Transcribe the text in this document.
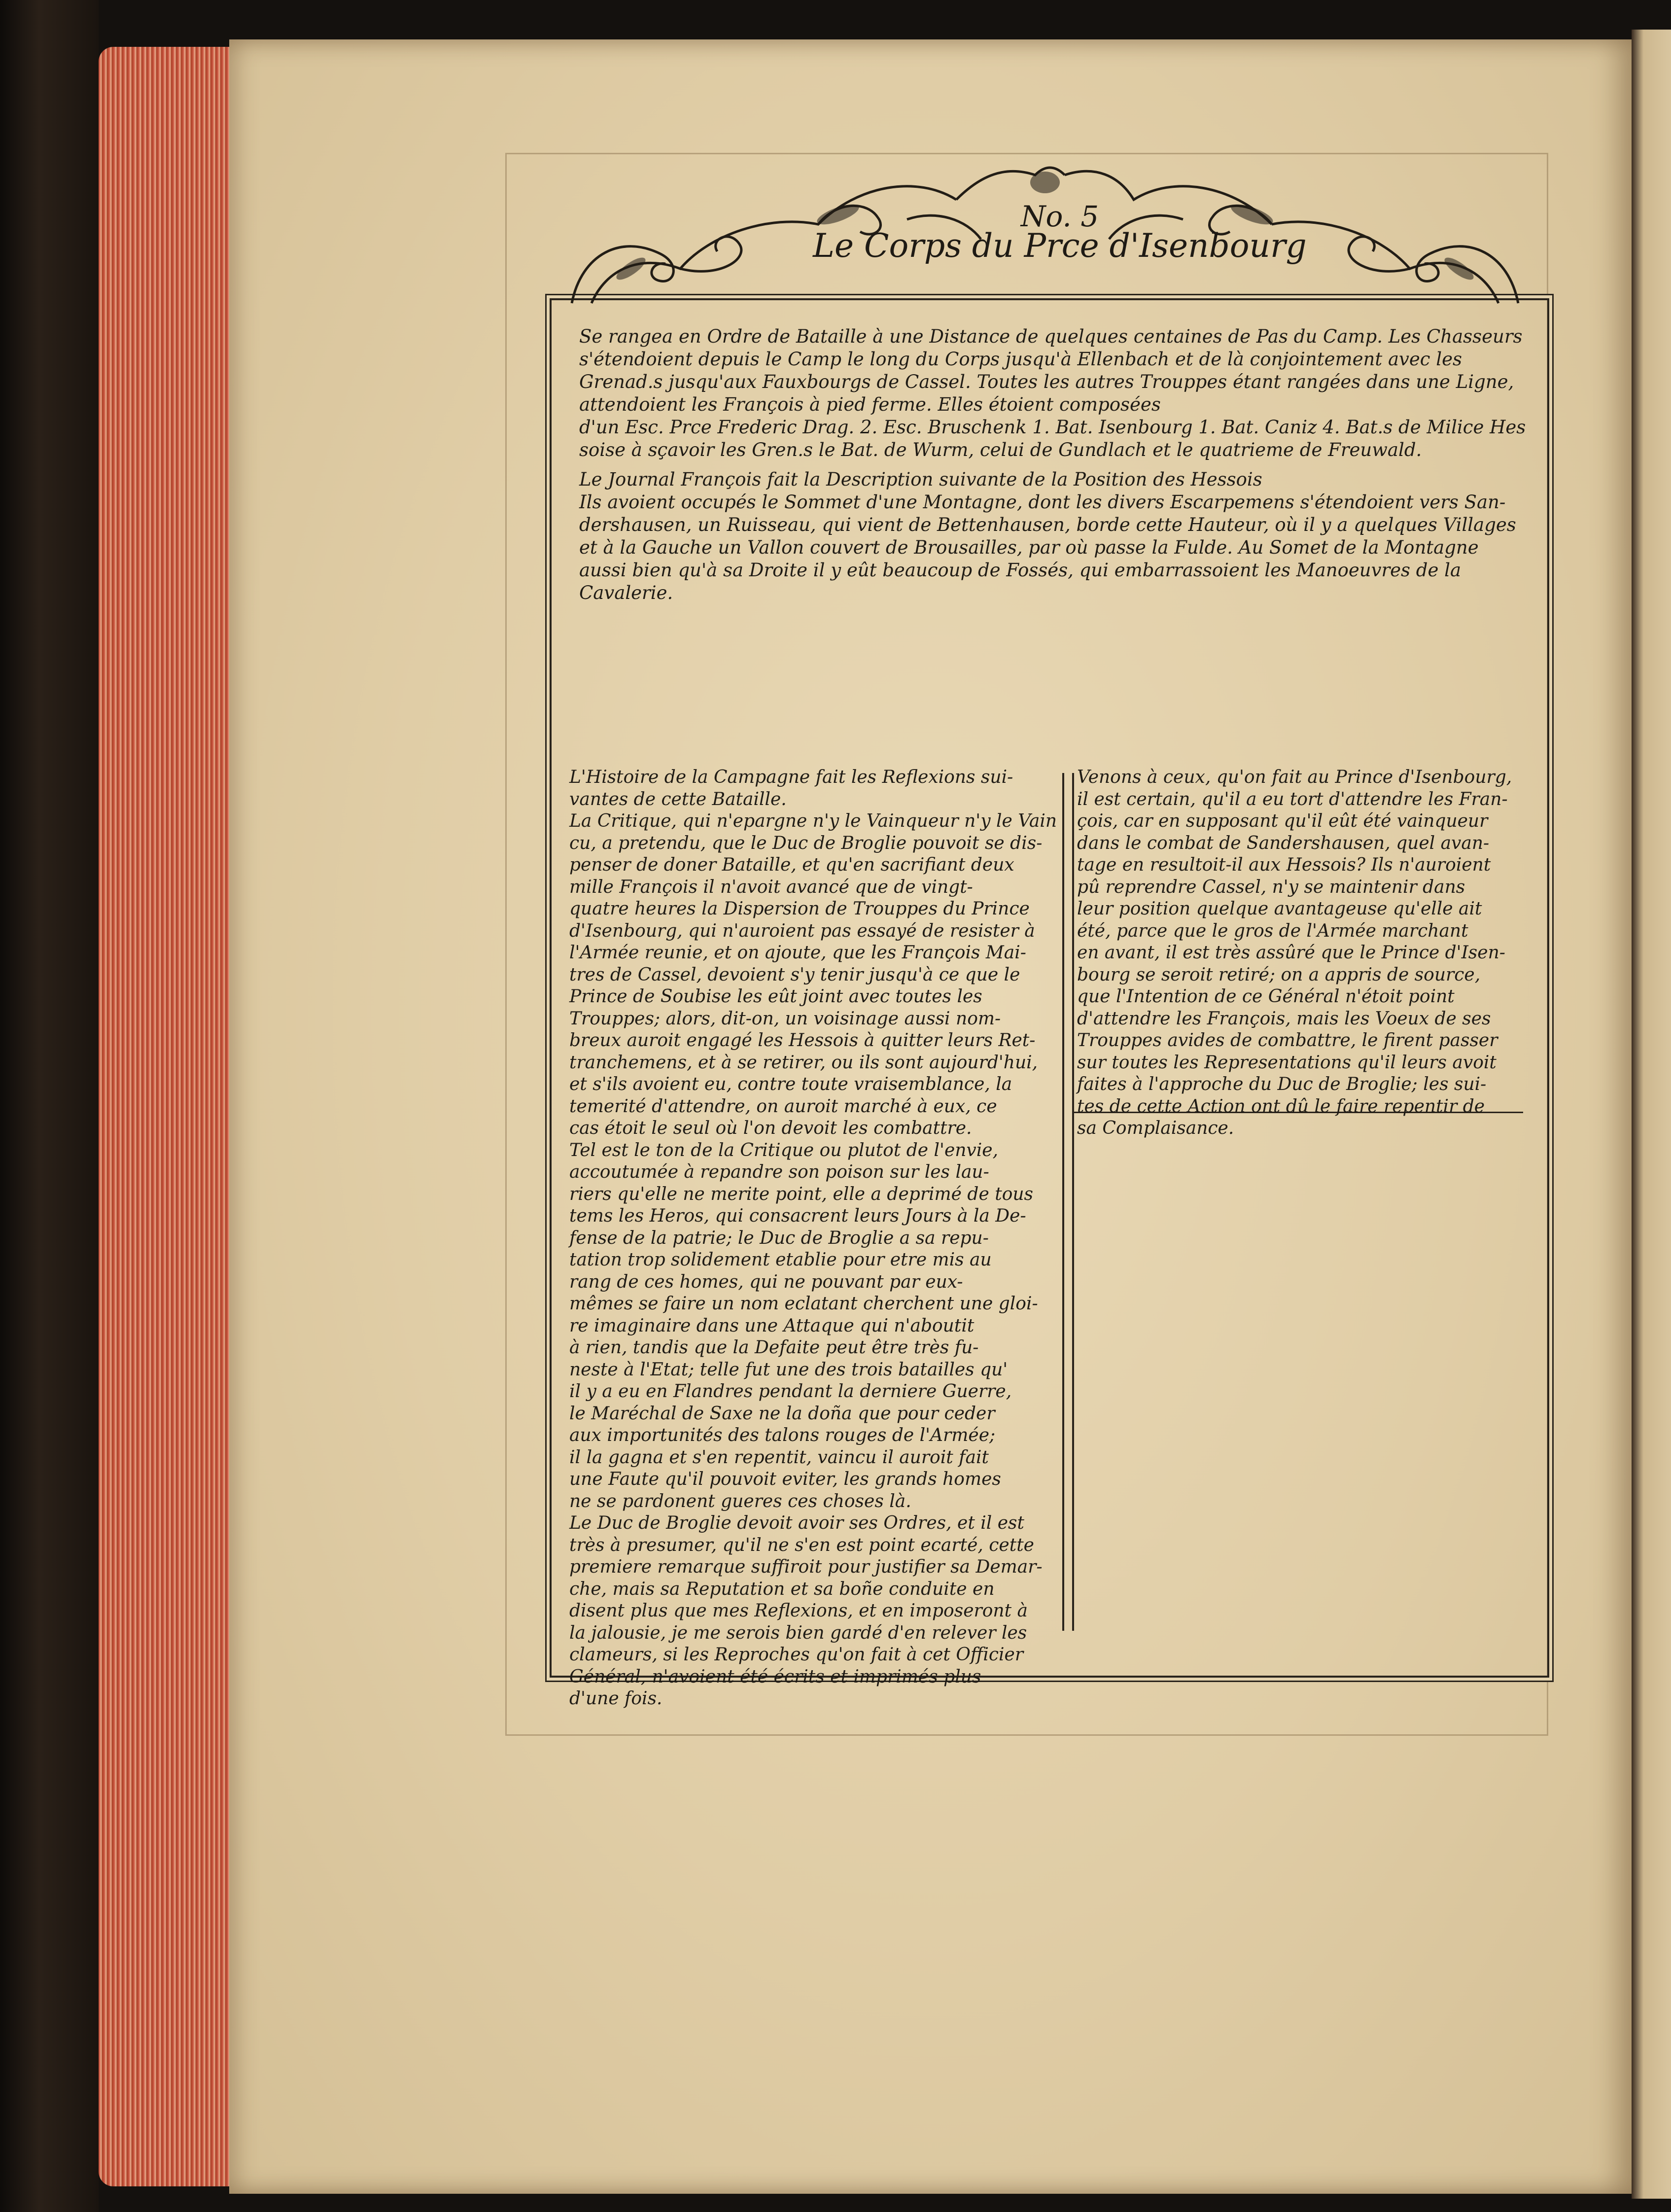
No. 5
Le Corps du Prce d'Isenbourg
Se rangea en Ordre de Bataille à une Distance de quelques centaines de Pas du Camp. Les Chasseurs
s'étendoient depuis le Camp le long du Corps jusqu'à Ellenbach et de là conjointement avec les
Grenad.s jusqu'aux Fauxbourgs de Cassel. Toutes les autres Trouppes étant rangées dans une Ligne,
attendoient les François à pied ferme. Elles étoient composées
d'un Esc. Prce Frederic Drag. 2. Esc. Bruschenk 1. Bat. Isenbourg 1. Bat. Caniz 4. Bat.s de Milice Hes
soise à sçavoir les Gren.s le Bat. de Wurm, celui de Gundlach et le quatrieme de Freuwald.
Le Journal François fait la Description suivante de la Position des Hessois
Ils avoient occupés le Sommet d'une Montagne, dont les divers Escarpemens s'étendoient vers San-
dershausen, un Ruisseau, qui vient de Bettenhausen, borde cette Hauteur, où il y a quelques Villages
et à la Gauche un Vallon couvert de Brousailles, par où passe la Fulde. Au Somet de la Montagne
aussi bien qu'à sa Droite il y eût beaucoup de Fossés, qui embarrassoient les Manoeuvres de la
Cavalerie.
L'Histoire de la Campagne fait les Reflexions sui-
vantes de cette Bataille.
La Critique, qui n'epargne n'y le Vainqueur n'y le Vain
cu, a pretendu, que le Duc de Broglie pouvoit se dis-
penser de doner Bataille, et qu'en sacrifiant deux
mille François il n'avoit avancé que de vingt-
quatre heures la Dispersion de Trouppes du Prince
d'Isenbourg, qui n'auroient pas essayé de resister à
l'Armée reunie, et on ajoute, que les François Mai-
tres de Cassel, devoient s'y tenir jusqu'à ce que le
Prince de Soubise les eût joint avec toutes les
Trouppes; alors, dit-on, un voisinage aussi nom-
breux auroit engagé les Hessois à quitter leurs Ret-
tranchemens, et à se retirer, ou ils sont aujourd'hui,
et s'ils avoient eu, contre toute vraisemblance, la
temerité d'attendre, on auroit marché à eux, ce
cas étoit le seul où l'on devoit les combattre.
Tel est le ton de la Critique ou plutot de l'envie,
accoutumée à repandre son poison sur les lau-
riers qu'elle ne merite point, elle a deprimé de tous
tems les Heros, qui consacrent leurs Jours à la De-
fense de la patrie; le Duc de Broglie a sa repu-
tation trop solidement etablie pour etre mis au
rang de ces homes, qui ne pouvant par eux-
mêmes se faire un nom eclatant cherchent une gloi-
re imaginaire dans une Attaque qui n'aboutit
à rien, tandis que la Defaite peut être très fu-
neste à l'Etat; telle fut une des trois batailles qu'
il y a eu en Flandres pendant la derniere Guerre,
le Maréchal de Saxe ne la doña que pour ceder
aux importunités des talons rouges de l'Armée;
il la gagna et s'en repentit, vaincu il auroit fait
une Faute qu'il pouvoit eviter, les grands homes
ne se pardonent gueres ces choses là.
Le Duc de Broglie devoit avoir ses Ordres, et il est
très à presumer, qu'il ne s'en est point ecarté, cette
premiere remarque suffiroit pour justifier sa Demar-
che, mais sa Reputation et sa boñe conduite en
disent plus que mes Reflexions, et en imposeront à
la jalousie, je me serois bien gardé d'en relever les
clameurs, si les Reproches qu'on fait à cet Officier
Général, n'avoient été écrits et imprimés plus
d'une fois.
Venons à ceux, qu'on fait au Prince d'Isenbourg,
il est certain, qu'il a eu tort d'attendre les Fran-
çois, car en supposant qu'il eût été vainqueur
dans le combat de Sandershausen, quel avan-
tage en resultoit-il aux Hessois? Ils n'auroient
pû reprendre Cassel, n'y se maintenir dans
leur position quelque avantageuse qu'elle ait
été, parce que le gros de l'Armée marchant
en avant, il est très assûré que le Prince d'Isen-
bourg se seroit retiré; on a appris de source,
que l'Intention de ce Général n'étoit point
d'attendre les François, mais les Voeux de ses
Trouppes avides de combattre, le firent passer
sur toutes les Representations qu'il leurs avoit
faites à l'approche du Duc de Broglie; les sui-
tes de cette Action ont dû le faire repentir de
sa Complaisance.
